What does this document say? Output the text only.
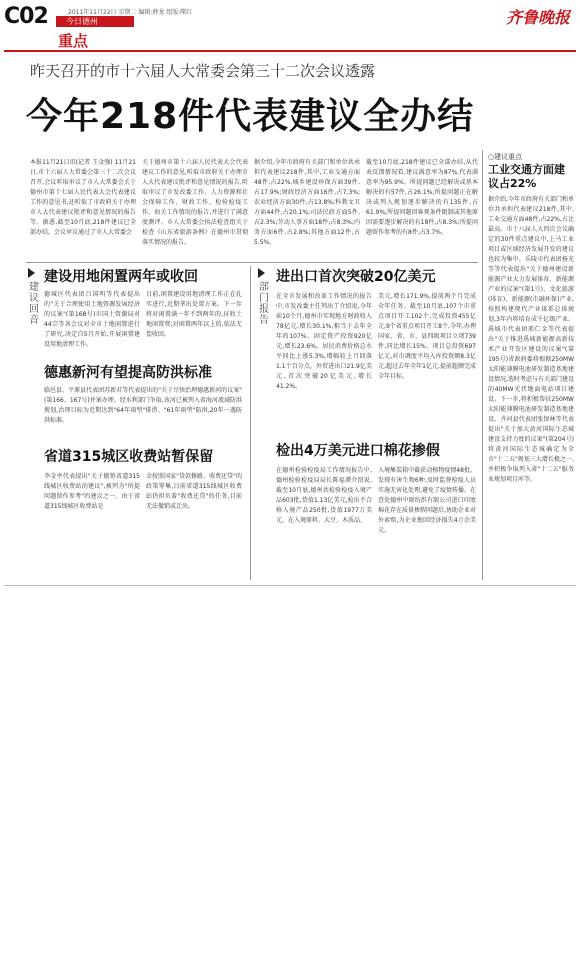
C02	2011年11月22日 星期二 编辑:薛龙 组版:曙红
今日德州
重点
齐鲁晚报
昨天召开的市十六届人大常委会第三十二次会议透露
今年218件代表建议全办结
本报11月21日讯(记者 王金强) 11月21日,市十六届人大常委会第三十二次会议召开,会议听取审议了市人大常委会关于德州市第十七届人民代表大会代表建议工作的意见书,还听取了市政府关于办理市人大代表建议批评和意见情况的报告等。据悉,截至10月底,218件建议已全部办结。会议审议通过了市人大常委会
关于德州市第十六届人民代表大会代表建议工作的意见,听取市政府关于办理市人大代表建议批评和意见情况的报告,听取审议了市发改委工作、人力资源和社会保障工作、财政工作、检验检疫工作、海关工作情况的报告,并进行了满意度测评。市人大常委会执法检查组关于检查《山东省旅游条例》在德州市贯彻落实情况的报告。
据介绍,今年市政府有关部门和单位共承担代表建议218件,其中,工业交通方面48件,占22%,城乡建设环保方面39件,占17.9%;财政经济方面16件,占7.3%;农业经济方面30件,占13.8%;科教文卫方面44件,占20.1%;司法民政方面5件,占2.3%;劳动人事方面18件,占8.3%;内务方面6件,占2.8%;其他方面12件,占5.5%。
截至10月底,218件建议已全部办结,从代表反馈情况看,建议满意率为87%,代表满意率为95.9%。所提问题已经解决或基本解决的有57件,占26.1%;所提问题正在解决或列入规划逐步解决的有135件,占61.9%;所提问题因客观条件限制或其他原因需要逐步解决的有18件,占8.3%;所提问题留作参考的有8件,占3.7%。
○建议重点
工业交通方面建议占22%
据介绍,今年市政府有关部门和单位共承担代表建议218件,其中,工业交通方面48件,占22%,占比最高。市十八届人大四次会议确定的30件重点建议中,上马工业项目或区域经济发展开发的建议也较为集中。乐陵市代表团杨光等等代表提出"关于德州建设新能源产业大力发展体育、新能源产业的议案"(第1号)、文化旅游(体育)、新能源(市融环保)产业,按照构建现代产业体系总体规划,3年内将培育成千亿级产业。禹城市代表团邢仁金等代表提出"关于推进禹城新能源高新技术产业开发区建设的议案"(第195号)省政府委将根据250MW太阳能薄膜电池研发制造基地建设情况,选时考虑与有关部门建设的40MW光伏地面电站项目建设。下一步,将积极帮扶250MW太阳能薄膜电池研发制造基地建设。齐河县代表团张保林等代表提出"关于加大黄河国际生态城建设支持力度的议案"(第204号)将黄河国际生态城确定为全市"十二五"规划三大增长极之一,并积极争取列入省"十二五"服务业规划项目库等。
建议回音
建设用地闲置两年或收回
德城区代表团吕国明等代表提出的"关于合理使用土地资源发展经济的议案"(第168号)市国土资源局对44宗等各会议对全市土地闲置进行了研究,决定自5月开始,开展闲置建设用地清理工作。
目前,闲置建设用地清理工作正在扎实进行,近期拿出处置方案。下一步将对闲置满一年不到两年的,征收土地闲置费;对闲置两年以上的,依法无偿收回。
德惠新河有望提高防洪标准
临邑县、平原县代表团苏新君等代表提出的"关于尽快治理德惠新河的议案"(第166、167号)并案办理。经水利部门争取,该河已被列入省海河流域防洪规划,治理目标为近期达到"64年雨型"排涝、"61年雨型"防洪,20年一遇防洪标准。
省道315城区收费站暂保留
李金亭代表提出"关于撤销省道315线城区收费站的建议",被列为"所提问题留作参考"的建议之一。由于省道315线城区收费站是
金按照国家"贷款修路、收费还贷"的政策筹集,目前省道315线城区收费站仍担负着"收费还贷"的任务,目前无法撤销或迁出。
部门报告
进出口首次突破20亿美元
在全市发展和改革工作情况的报告中,市发改委主任列出了介绍说,今年前10个月,德州市实现地方财政收入78亿元,增长30.1%,相当于去年全年的107%。固定资产投资920亿元,增长23.6%。居民消费价格总水平同比上涨5.3%,增幅较上月回落1.1个百分点。外贸进出口21.9亿美元,首次突破20亿美元,增长41.2%。
美元,增长171.9%,提前两个月完成全年任务。截至10月底,107个市重点项目开工102个,完成投资455亿元,9个省重点项目开工8个,今年,办理国家、省、市、县四级项目立项739件,同比增长15%。项目总投资697亿元,对市调度平均入库投资额8.3亿元,超过去年全年1亿元,提前超额完成全年目标。
检出4万美元进口棉花掺假
在德州检验检疫局工作情况报告中,德州检验检疫局局长陈福谭介绍说,截至10月底,德州共检验检疫入境产品603批,货值1.13亿美元,检出不合格入境产品250批,货值1977万美元。在入境原料、大豆、木质品、
入境集装箱中截获动植物疫情48批。发现有害生物6种,及时监督检疫人员实施无害化处理,避免了疫情传播。在查处德州中原纺织有限公司进口印度棉花存在质量掺假问题后,协助企业对外索赔,为企业挽回经济损失4万余美元。
